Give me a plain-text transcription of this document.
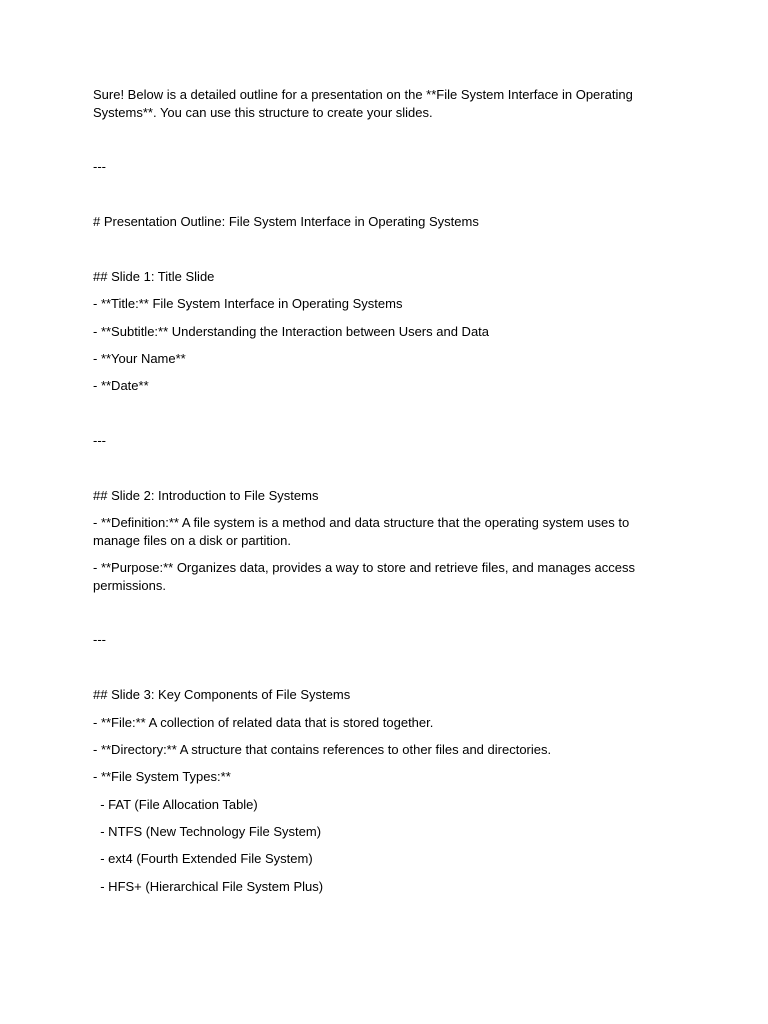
Sure! Below is a detailed outline for a presentation on the **File System Interface in Operating Systems**. You can use this structure to create your slides.

---

# Presentation Outline: File System Interface in Operating Systems

## Slide 1: Title Slide

- **Title:** File System Interface in Operating Systems

- **Subtitle:** Understanding the Interaction between Users and Data

- **Your Name**

- **Date**

---

## Slide 2: Introduction to File Systems

- **Definition:** A file system is a method and data structure that the operating system uses to manage files on a disk or partition.

- **Purpose:** Organizes data, provides a way to store and retrieve files, and manages access permissions.

---

## Slide 3: Key Components of File Systems

- **File:** A collection of related data that is stored together.

- **Directory:** A structure that contains references to other files and directories.

- **File System Types:**

- FAT (File Allocation Table)

- NTFS (New Technology File System)

- ext4 (Fourth Extended File System)

- HFS+ (Hierarchical File System Plus)
